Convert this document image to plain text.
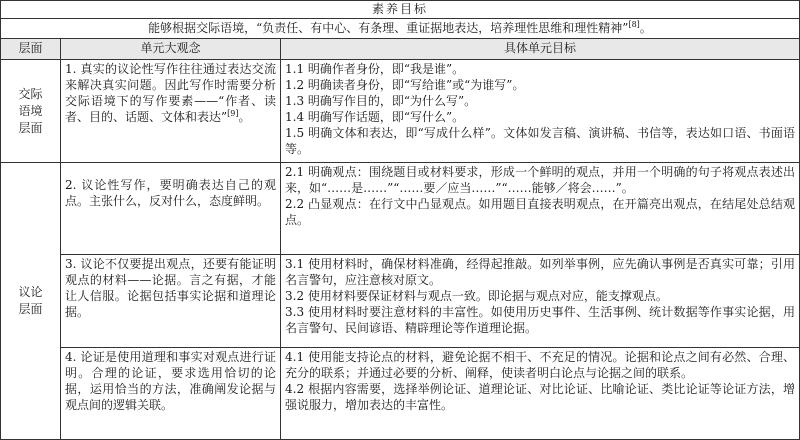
素养目标		
能够根据交际语境，“负责任、有中心、有条理、重证据地表达，培养理性思维和理性精神”[8]。		
层面	单元大观念	具体单元目标

交际语境层面	1. 真实的议论性写作往往通过表达交流来解决真实问题。因此写作时需要分析交际语境下的写作要素——“作者、读者、目的、话题、文体和表达”[9]。	1.1 明确作者身份，即“我是谁”。

1.2 明确读者身份，即“写给谁”或“为谁写”。

1.3 明确写作目的，即“为什么写”。

1.4 明确写作话题，即“写什么”。

1.5 明确文体和表达，即“写成什么样”。文体如发言稿、演讲稿、书信等，表达如口语、书面语等。

议论层面	2. 议论性写作，要明确表达自己的观点。主张什么，反对什么，态度鲜明。	2.1 明确观点：围绕题目或材料要求，形成一个鲜明的观点，并用一个明确的句子将观点表述出来，如“……是……”“……要／应当……”“……能够／将会……”。

2.2 凸显观点：在行文中凸显观点。如用题目直接表明观点，在开篇亮出观点，在结尾处总结观点。

	3. 议论不仅要提出观点，还要有能证明观点的材料——论据。言之有据，才能让人信服。论据包括事实论据和道理论据。	3.1 使用材料时，确保材料准确，经得起推敲。如列举事例，应先确认事例是否真实可靠；引用名言警句，应注意核对原文。

3.2 使用材料要保证材料与观点一致。即论据与观点对应，能支撑观点。

3.3 使用材料时要注意材料的丰富性。如使用历史事件、生活事例、统计数据等作事实论据，用名言警句、民间谚语、精辟理论等作道理论据。

	4. 论证是使用道理和事实对观点进行证明。合理的论证，要求选用恰切的论据，运用恰当的方法，准确阐发论据与观点间的逻辑关联。	4.1 使用能支持论点的材料，避免论据不相干、不充足的情况。论据和论点之间有必然、合理、充分的联系；并通过必要的分析、阐释，使读者明白论点与论据之间的联系。

4.2 根据内容需要，选择举例论证、道理论证、对比论证、比喻论证、类比论证等论证方法，增强说服力，增加表达的丰富性。
